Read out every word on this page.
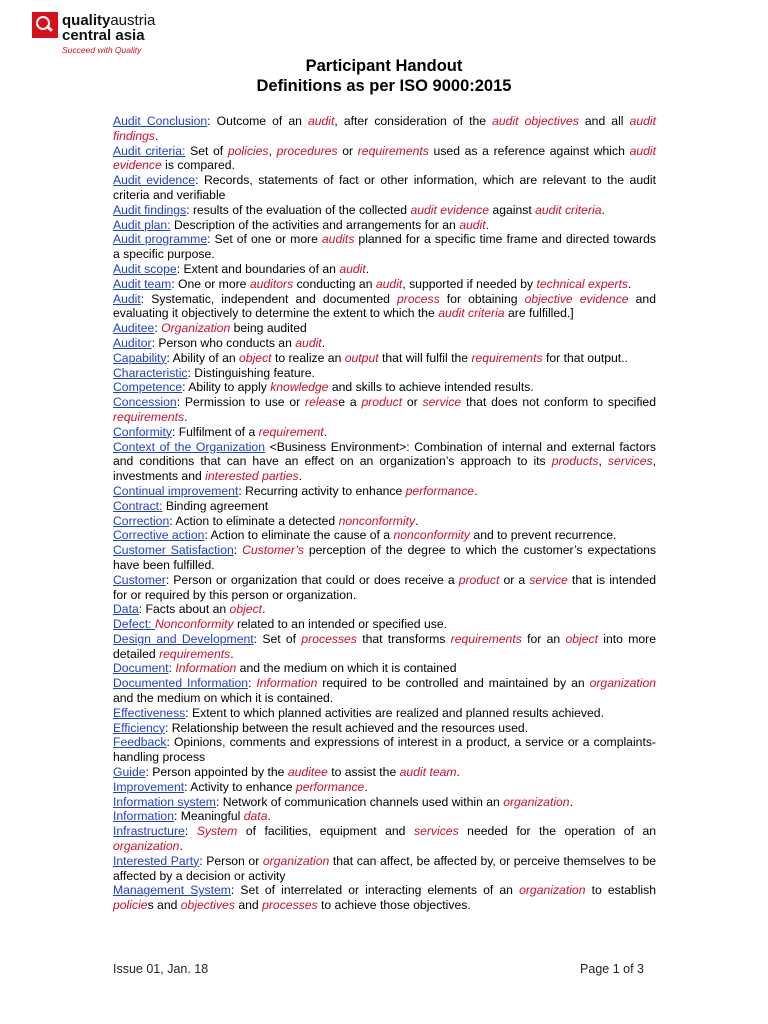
qualityaustria
central asia
Succeed with Quality
Participant Handout
Definitions as per ISO 9000:2015

Audit Conclusion: Outcome of an audit, after consideration of the audit objectives and all audit findings.

Audit criteria: Set of policies, procedures or requirements used as a reference against which audit evidence is compared.

Audit evidence: Records, statements of fact or other information, which are relevant to the audit criteria and verifiable

Audit findings: results of the evaluation of the collected audit evidence against audit criteria.

Audit plan: Description of the activities and arrangements for an audit.

Audit programme: Set of one or more audits planned for a specific time frame and directed towards a specific purpose.

Audit scope: Extent and boundaries of an audit.

Audit team: One or more auditors conducting an audit, supported if needed by technical experts.

Audit: Systematic, independent and documented process for obtaining objective evidence and evaluating it objectively to determine the extent to which the audit criteria are fulfilled.]

Auditee: Organization being audited

Auditor: Person who conducts an audit.

Capability: Ability of an object to realize an output that will fulfil the requirements for that output..

Characteristic: Distinguishing feature.

Competence: Ability to apply knowledge and skills to achieve intended results.

Concession: Permission to use or release a product or service that does not conform to specified requirements.

Conformity: Fulfilment of a requirement.

Context of the Organization <Business Environment>: Combination of internal and external factors and conditions that can have an effect on an organization’s approach to its products, services, investments and interested parties.

Continual improvement: Recurring activity to enhance performance.

Contract: Binding agreement

Correction: Action to eliminate a detected nonconformity.

Corrective action: Action to eliminate the cause of a nonconformity and to prevent recurrence.

Customer Satisfaction: Customer’s perception of the degree to which the customer’s expectations have been fulfilled.

Customer: Person or organization that could or does receive a product or a service that is intended for or required by this person or organization.

Data: Facts about an object.

Defect: Nonconformity related to an intended or specified use.

Design and Development: Set of processes that transforms requirements for an object into more detailed requirements.

Document: Information and the medium on which it is contained

Documented Information: Information required to be controlled and maintained by an organization and the medium on which it is contained.

Effectiveness: Extent to which planned activities are realized and planned results achieved.

Efficiency: Relationship between the result achieved and the resources used.

Feedback: Opinions, comments and expressions of interest in a product, a service or a complaints-handling process

Guide: Person appointed by the auditee to assist the audit team.

Improvement: Activity to enhance performance.

Information system: Network of communication channels used within an organization.

Information: Meaningful data.

Infrastructure: System of facilities, equipment and services needed for the operation of an organization.

Interested Party: Person or organization that can affect, be affected by, or perceive themselves to be affected by a decision or activity

Management System: Set of interrelated or interacting elements of an organization to establish policies and objectives and processes to achieve those objectives.

Issue 01, Jan. 18	Page 1 of 3
